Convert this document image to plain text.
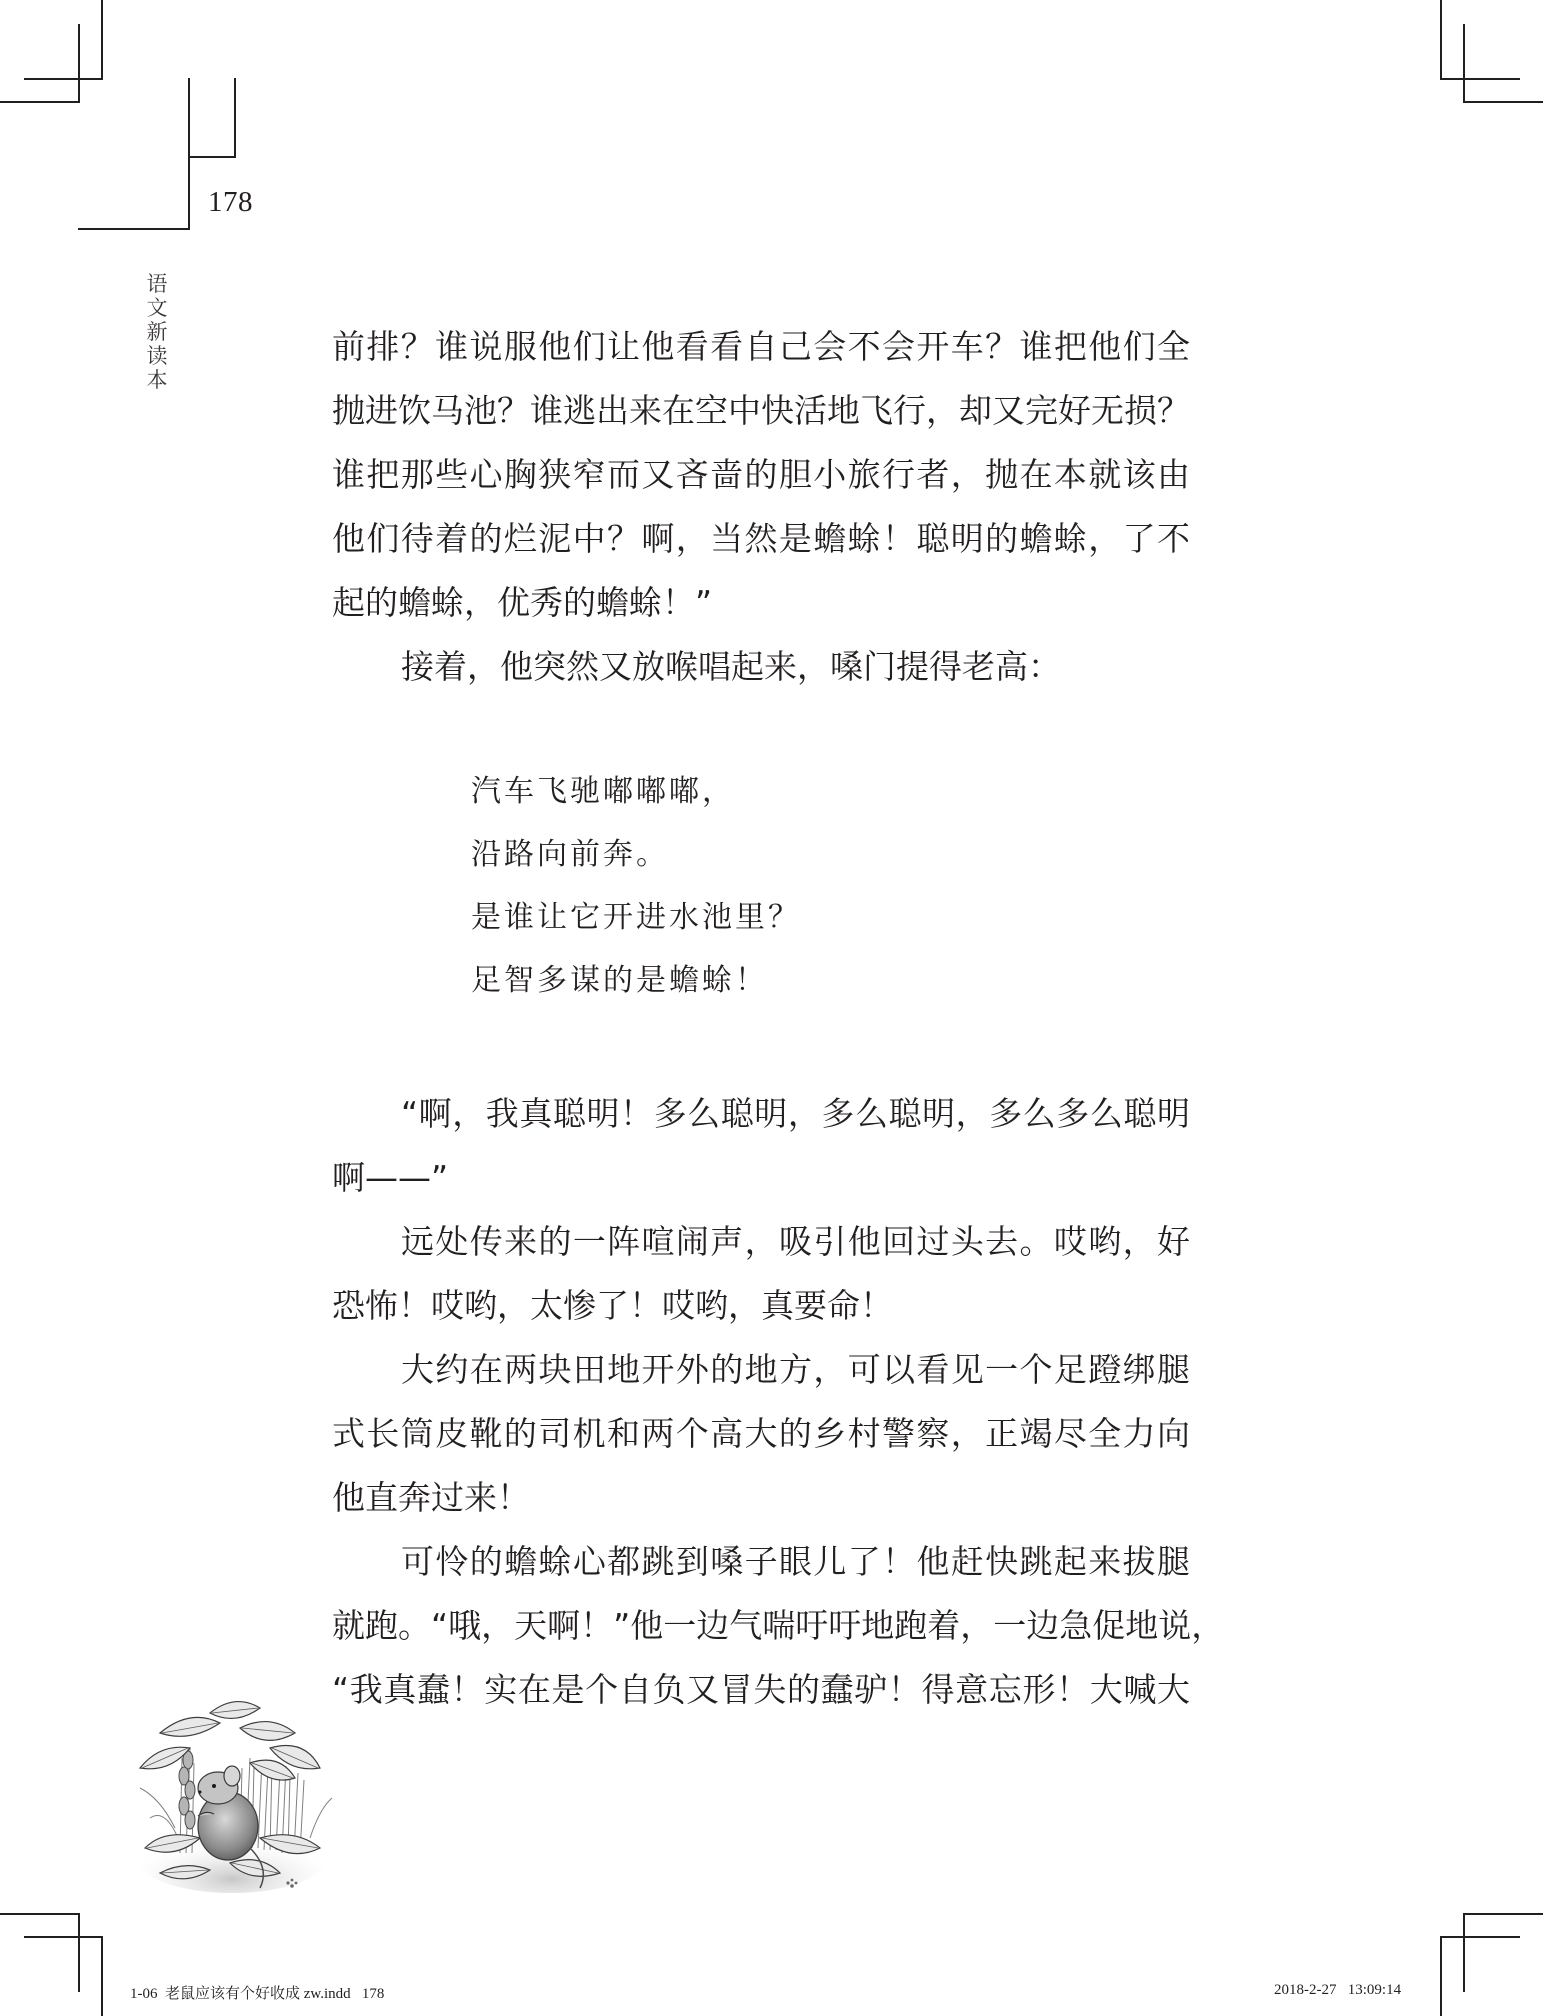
178
语文新读本
前排？谁说服他们让他看看自己会不会开车？谁把他们全
抛进饮马池？谁逃出来在空中快活地飞行，却又完好无损？
谁把那些心胸狭窄而又吝啬的胆小旅行者，抛在本就该由
他们待着的烂泥中？啊，当然是蟾蜍！聪明的蟾蜍，了不
起的蟾蜍，优秀的蟾蜍！”
接着，他突然又放喉唱起来，嗓门提得老高：
“啊，我真聪明！多么聪明，多么聪明，多么多么聪明
啊——”
远处传来的一阵喧闹声，吸引他回过头去。哎哟，好
恐怖！哎哟，太惨了！哎哟，真要命！
大约在两块田地开外的地方，可以看见一个足蹬绑腿
式长筒皮靴的司机和两个高大的乡村警察，正竭尽全力向
他直奔过来！
可怜的蟾蜍心都跳到嗓子眼儿了！他赶快跳起来拔腿
就跑。“哦，天啊！”他一边气喘吁吁地跑着，一边急促地说，
“我真蠢！实在是个自负又冒失的蠢驴！得意忘形！大喊大
汽车飞驰嘟嘟嘟，
沿路向前奔。
是谁让它开进水池里？
足智多谋的是蟾蜍！
1-06  老鼠应该有个好收成 zw.indd   178	2018-2-27   13:09:14
